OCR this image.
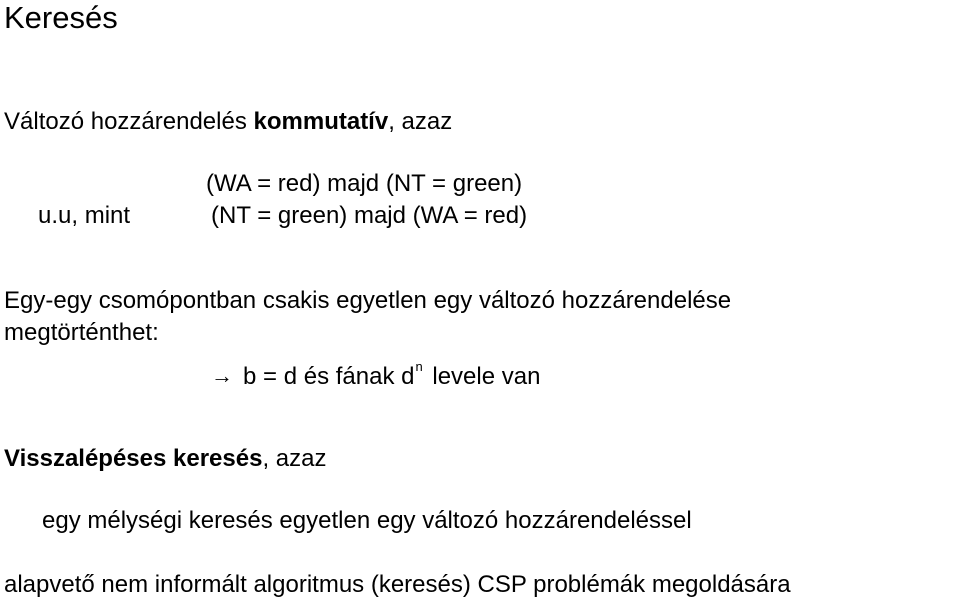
Keresés
Változó hozzárendelés kommutatív, azaz
(WA = red) majd (NT = green)
u.u, mint	(NT = green) majd (WA = red)
Egy-egy csomópontban csakis egyetlen egy változó hozzárendelése
megtörténthet:
→ b = d és fának $d^n$ levele van
Visszalépéses keresés, azaz
egy mélységi keresés egyetlen egy változó hozzárendeléssel
alapvető nem informált algoritmus (keresés) CSP problémák megoldására
